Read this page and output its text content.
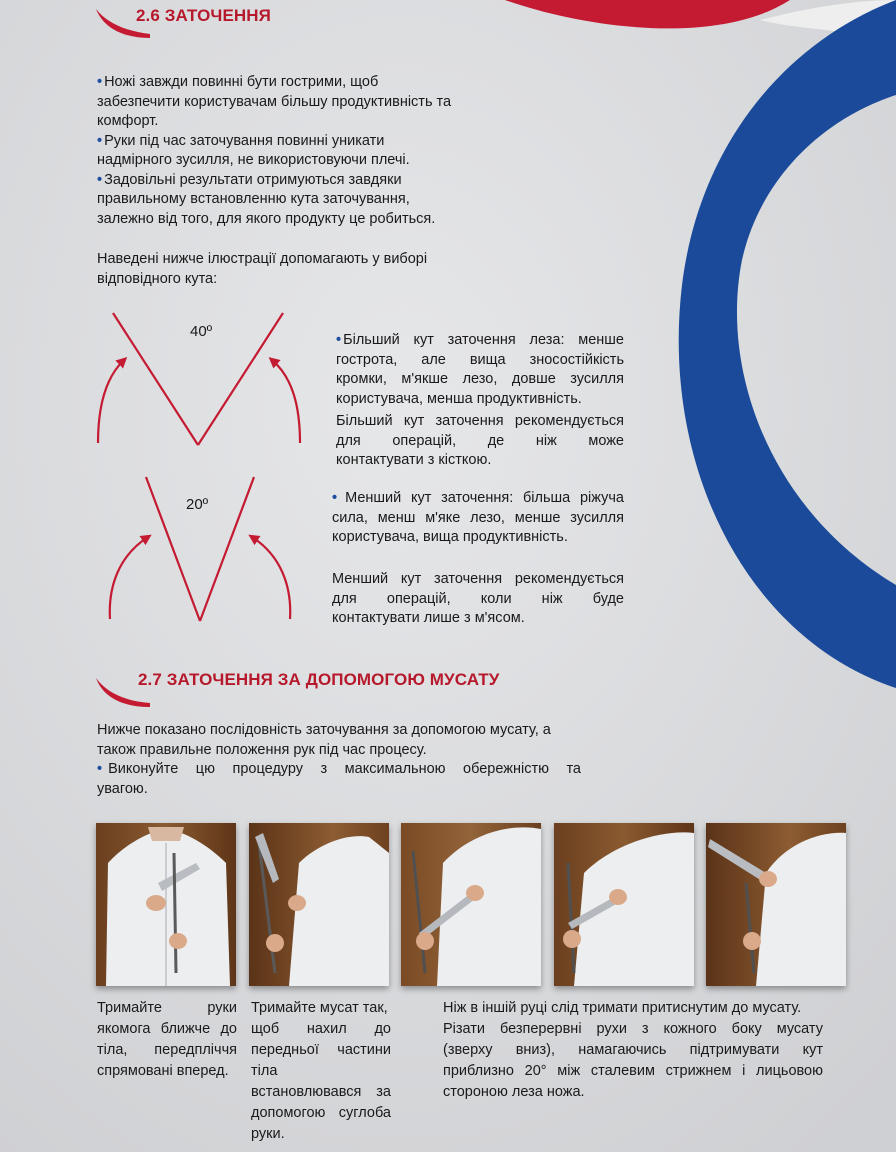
2.6 ЗАТОЧЕННЯ
• Ножі завжди повинні бути гострими, щоб
забезпечити користувачам більшу продуктивність та
комфорт.
• Руки під час заточування повинні уникати
надмірного зусилля, не використовуючи плечі.
• Задовільні результати отримуються завдяки
правильному встановленню кута заточування,
залежно від того, для якого продукту це робиться.
Наведені нижче ілюстрації допомагають у виборі
відповідного кута:
40º
20º
• Більший кут заточення леза: менше
гострота, але вища зносостійкість
кромки, м'якше лезо, довше зусилля
користувача, менша продуктивність.
Більший кут заточення рекомендується
для операцій, де ніж може
контактувати з кісткою.
• Менший кут заточення: більша ріжуча
сила, менш м'яке лезо, менше зусилля
користувача, вища продуктивність.
Менший кут заточення рекомендується
для операцій, коли ніж буде
контактувати лише з м'ясом.
2.7 ЗАТОЧЕННЯ ЗА ДОПОМОГОЮ МУСАТУ
Нижче показано послідовність заточування за допомогою мусату, а
також правильне положення рук під час процесу.
• Виконуйте цю процедуру з максимальною обережністю та
увагою.
Тримайте руки
якомога ближче до
тіла, передпліччя
спрямовані вперед.
Тримайте мусат так,
щоб нахил до
передньої частини
тіла
встановлювався за
допомогою суглоба
руки.
Ніж в іншій руці слід тримати притиснутим до мусату.
Різати безперервні рухи з кожного боку мусату
(зверху вниз), намагаючись підтримувати кут
приблизно 20° між сталевим стрижнем і лицьовою
стороною леза ножа.
